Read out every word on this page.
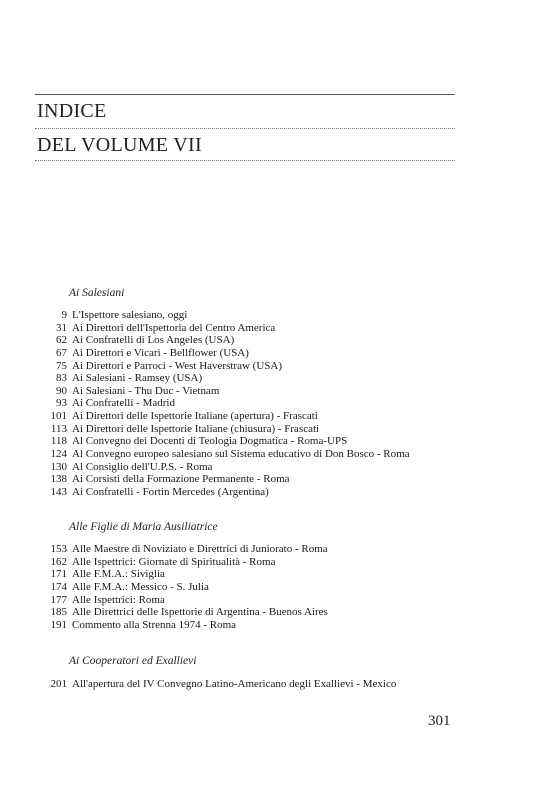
INDICE
DEL VOLUME VII
Ai Salesiani
9 L'Ispettore salesiano, oggi
31 Ai Direttori dell'Ispettoria del Centro America
62 Ai Confratelli di Los Angeles (USA)
67 Ai Direttori e Vicari - Bellflower (USA)
75 Ai Direttori e Parroci - West Haverstraw (USA)
83 Ai Salesiani - Ramsey (USA)
90 Ai Salesiani - Thu Duc - Vietnam
93 Ai Confratelli - Madrid
101 Ai Direttori delle Ispettorie Italiane (apertura) - Frascati
113 Ai Direttori delle Ispettorie Italiane (chiusura) - Frascati
118 Al Convegno dei Docenti di Teologia Dogmatica - Roma-UPS
124 Al Convegno europeo salesiano sul Sistema educativo di Don Bosco - Roma
130 Al Consiglio dell'U.P.S. - Roma
138 Ai Corsisti della Formazione Permanente - Roma
143 Ai Confratelli - Fortin Mercedes (Argentina)
Alle Figlie di Maria Ausiliatrice
153 Alle Maestre di Noviziato e Direttrici di Juniorato - Roma
162 Alle Ispettrici: Giornate di Spiritualità - Roma
171 Alle F.M.A.: Siviglia
174 Alle F.M.A.: Messico - S. Julia
177 Alle Ispettrici: Roma
185 Alle Direttrici delle Ispettorie di Argentina - Buenos Aires
191 Commento alla Strenna 1974 - Roma
Ai Cooperatori ed Exallievi
201 All'apertura del IV Convegno Latino-Americano degli Exallievi - Mexico
301
